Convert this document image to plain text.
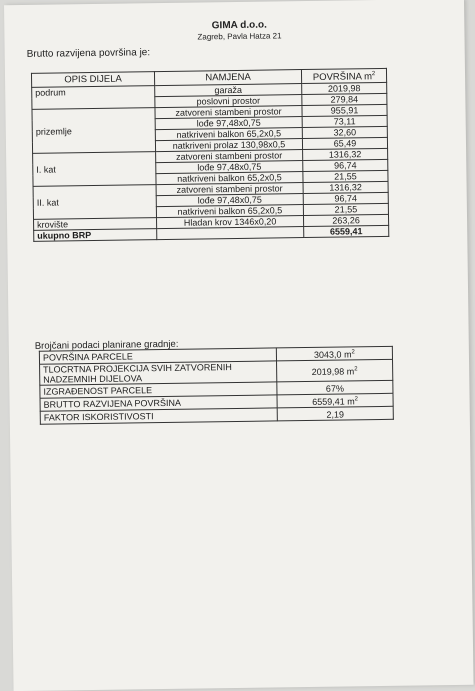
GIMA d.o.o.
Zagreb, Pavla Hatza 21
Brutto razvijena površina je:
OPIS DIJELA	NAMJENA	POVRŠINA $m^2$
podrum	garaža	2019,98
	poslovni prostor	279,84
prizemlje	zatvoreni stambeni prostor	955,91
	lođe 97,48x0,75	73,11
	natkriveni balkon 65,2x0,5	32,60
	natkriveni prolaz 130,98x0,5	65,49
I. kat	zatvoreni stambeni prostor	1316,32
	lođe 97,48x0,75	96,74
	natkriveni balkon 65,2x0,5	21,55
II. kat	zatvoreni stambeni prostor	1316,32
	lođe 97,48x0,75	96,74
	natkriveni balkon 65,2x0,5	21,55
krovište	Hladan krov 1346x0,20	263,26
ukupno BRP		6559,41
Brojčani podaci planirane gradnje:
POVRŠINA PARCELE	3043,0 $m^2$
TLOCRTNA PROJEKCIJA SVIH ZATVORENIH NADZEMNIH DIJELOVA	2019,98 $m^2$
IZGRAĐENOST PARCELE	67%
BRUTTO RAZVIJENA POVRŠINA	6559,41 $m^2$
FAKTOR ISKORISTIVOSTI	2,19
